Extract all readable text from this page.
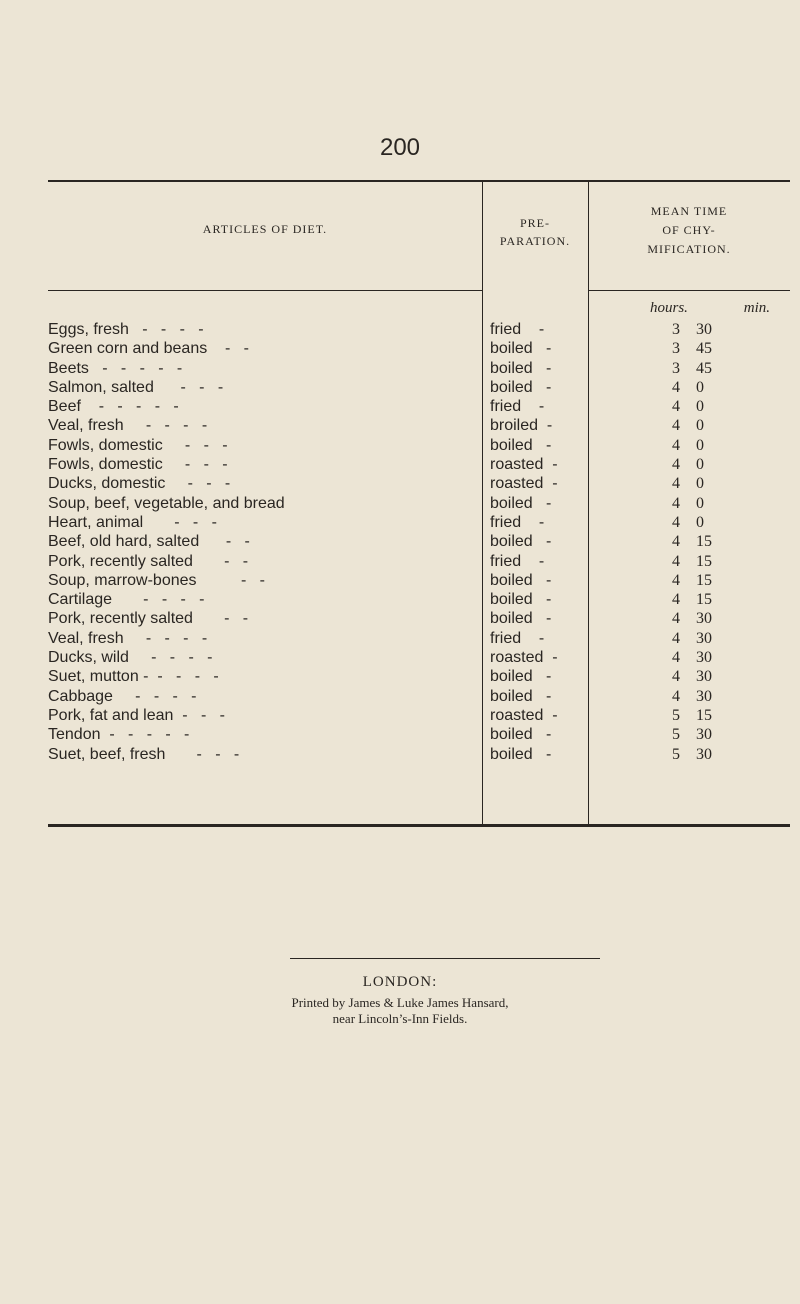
200
ARTICLES OF DIET.	PRE-
PARATION.
MEAN TIME
OF CHY-
MIFICATION.
hours.	min.
Eggs, fresh   -   -   -   -	fried    -	3 30
Green corn and beans    -   -	boiled   -	3 45
Beets   -   -   -   -   -	boiled   -	3 45
Salmon, salted      -   -   -	boiled   -	4 0
Beef    -   -   -   -   -	fried    -	4 0
Veal, fresh     -   -   -   -	broiled  -	4 0
Fowls, domestic     -   -   -	boiled   -	4 0
Fowls, domestic     -   -   -	roasted  -	4 0
Ducks, domestic     -   -   -	roasted  -	4 0
Soup, beef, vegetable, and bread	boiled   -	4 0
Heart, animal       -   -   -	fried    -	4 0
Beef, old hard, salted      -   -	boiled   -	4 15
Pork, recently salted       -   -	fried    -	4 15
Soup, marrow-bones          -   -	boiled   -	4 15
Cartilage       -   -   -   -	boiled   -	4 15
Pork, recently salted       -   -	boiled   -	4 30
Veal, fresh     -   -   -   -	fried    -	4 30
Ducks, wild     -   -   -   -	roasted  -	4 30
Suet, mutton -  -   -   -   -	boiled   -	4 30
Cabbage     -   -   -   -	boiled   -	4 30
Pork, fat and lean  -   -   -	roasted  -	5 15
Tendon  -   -   -   -   -	boiled   -	5 30
Suet, beef, fresh       -   -   -	boiled   -	5 30
LONDON:
Printed by James & Luke James Hansard,
near Lincoln’s-Inn Fields.
